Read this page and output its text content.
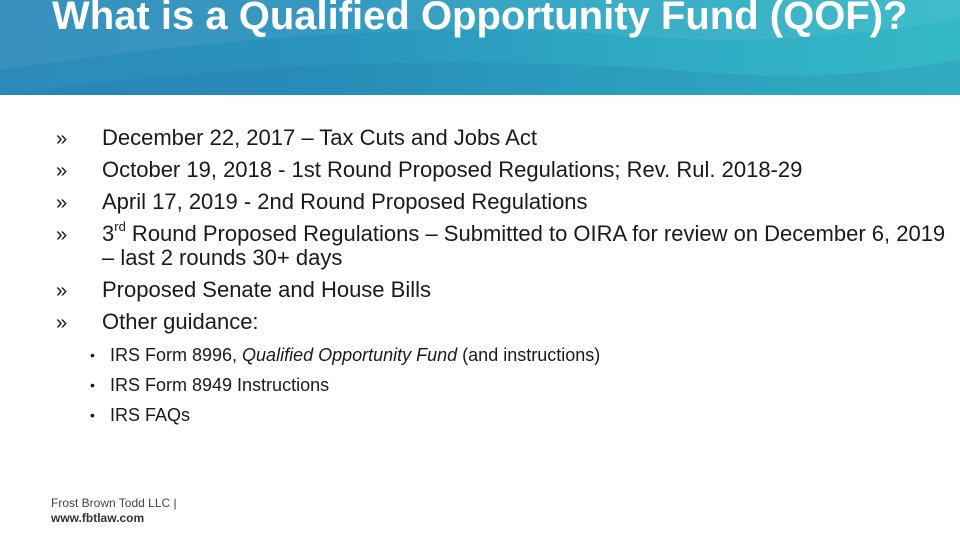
What is a Qualified Opportunity Fund (QOF)?
» December 22, 2017 – Tax Cuts and Jobs Act
» October 19, 2018 - 1st Round Proposed Regulations; Rev. Rul. 2018-29
» April 17, 2019 - 2nd Round Proposed Regulations
» 3rd Round Proposed Regulations – Submitted to OIRA for review on December 6, 2019 – last 2 rounds 30+ days
» Proposed Senate and House Bills
» Other guidance:
• IRS Form 8996, Qualified Opportunity Fund (and instructions)
• IRS Form 8949 Instructions
• IRS FAQs
Frost Brown Todd LLC |
www.fbtlaw.com
